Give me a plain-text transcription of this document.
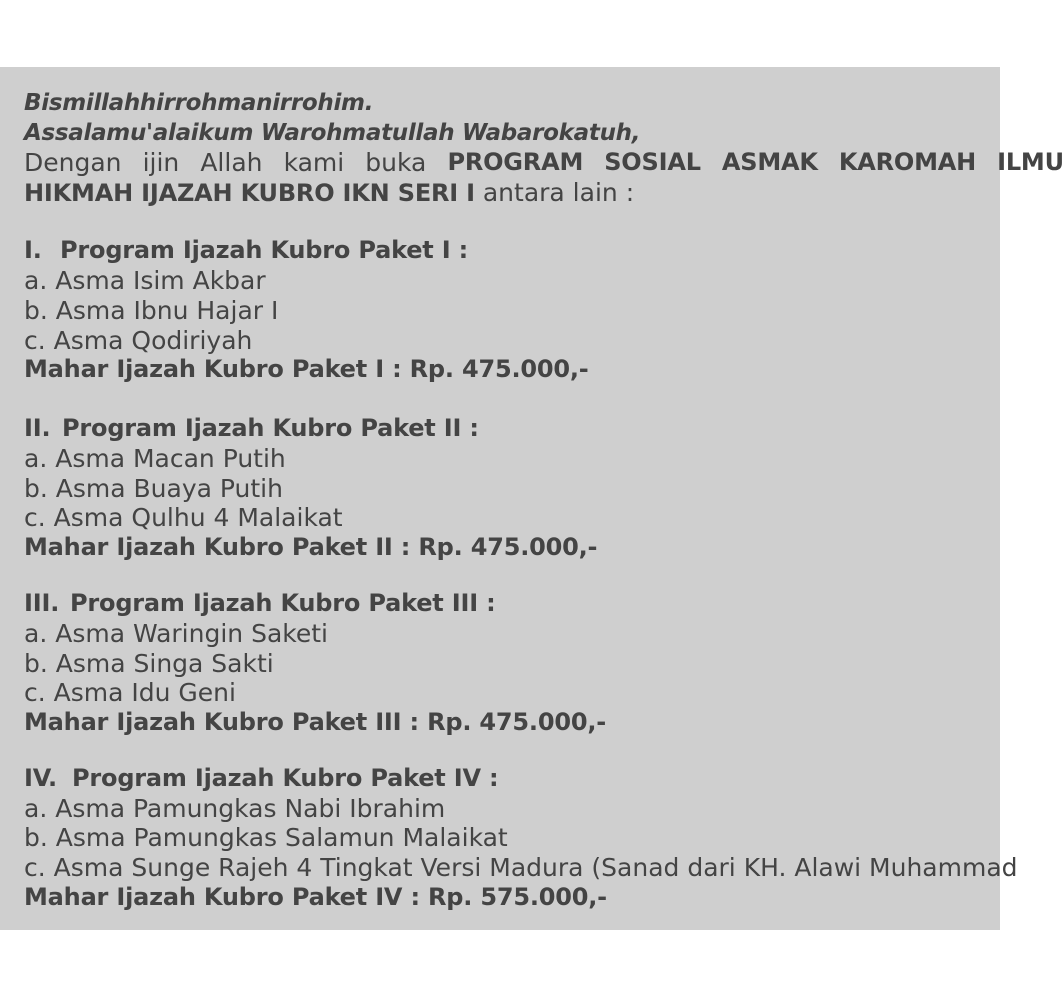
Bismillahhirrohmanirrohim.
Assalamu'alaikum Warohmatullah Wabarokatuh,
Dengan ijin Allah kami buka PROGRAM SOSIAL ASMAK KAROMAH ILMU
HIKMAH IJAZAH KUBRO IKN SERI I antara lain :
I. Program Ijazah Kubro Paket I :
a. Asma Isim Akbar
b. Asma Ibnu Hajar I
c. Asma Qodiriyah
Mahar Ijazah Kubro Paket I : Rp. 475.000,-
II. Program Ijazah Kubro Paket II :
a. Asma Macan Putih
b. Asma Buaya Putih
c. Asma Qulhu 4 Malaikat
Mahar Ijazah Kubro Paket II : Rp. 475.000,-
III. Program Ijazah Kubro Paket III :
a. Asma Waringin Saketi
b. Asma Singa Sakti
c. Asma Idu Geni
Mahar Ijazah Kubro Paket III : Rp. 475.000,-
IV. Program Ijazah Kubro Paket IV :
a. Asma Pamungkas Nabi Ibrahim
b. Asma Pamungkas Salamun Malaikat
c. Asma Sunge Rajeh 4 Tingkat Versi Madura (Sanad dari KH. Alawi Muhammad
Mahar Ijazah Kubro Paket IV : Rp. 575.000,-
